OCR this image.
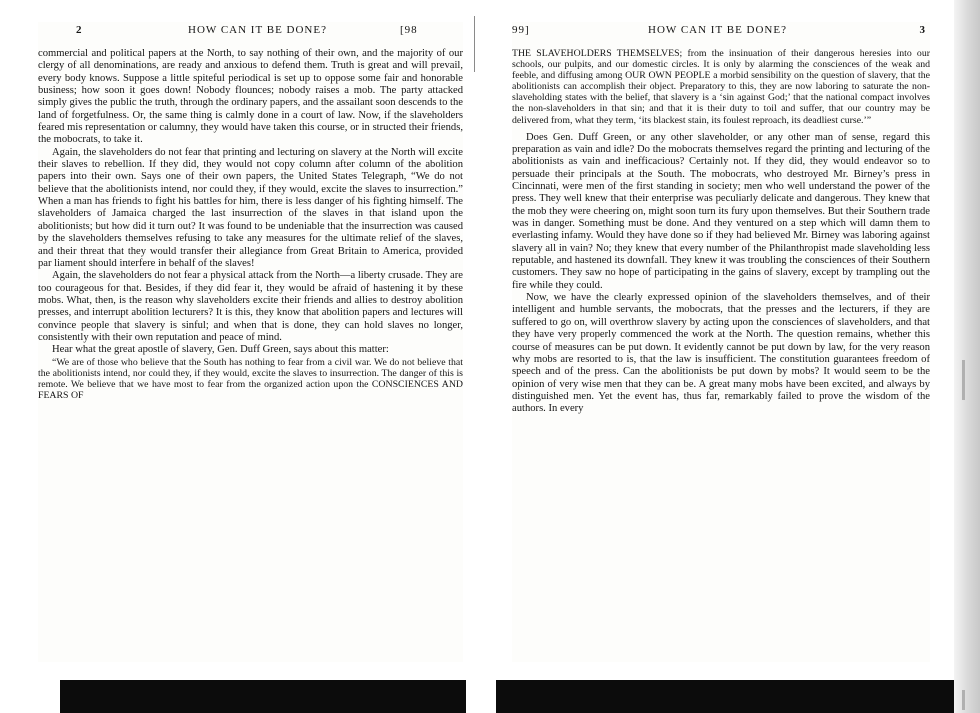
2	HOW CAN IT BE DONE?	[98

commercial and political papers at the North, to say nothing of their own, and the majority of our clergy of all denominations, are ready and anxious to defend them. Truth is great and will prevail, every body knows. Suppose a little spiteful periodical is set up to oppose some fair and honorable business; how soon it goes down! Nobody flounces; nobody raises a mob. The party attacked simply gives the public the truth, through the ordinary papers, and the assailant soon descends to the land of forgetfulness. Or, the same thing is calmly done in a court of law. Now, if the slaveholders feared mis representation or calumny, they would have taken this course, or in structed their friends, the mobocrats, to take it.

Again, the slaveholders do not fear that printing and lecturing on slavery at the North will excite their slaves to rebellion. If they did, they would not copy column after column of the abolition papers into their own. Says one of their own papers, the United States Telegraph, “We do not believe that the abolitionists intend, nor could they, if they would, excite the slaves to insurrection.” When a man has friends to fight his battles for him, there is less danger of his fighting himself. The slaveholders of Jamaica charged the last insurrection of the slaves in that island upon the abolitionists; but how did it turn out? It was found to be undeniable that the insurrection was caused by the slaveholders themselves refusing to take any measures for the ultimate relief of the slaves, and their threat that they would transfer their allegiance from Great Britain to America, provided par liament should interfere in behalf of the slaves!

Again, the slaveholders do not fear a physical attack from the North—a liberty crusade. They are too courageous for that. Besides, if they did fear it, they would be afraid of hastening it by these mobs. What, then, is the reason why slaveholders excite their friends and allies to destroy abolition presses, and interrupt abolition lecturers? It is this, they know that abolition papers and lectures will convince people that slavery is sinful; and when that is done, they can hold slaves no longer, consistently with their own reputation and peace of mind.

Hear what the great apostle of slavery, Gen. Duff Green, says about this matter:

“We are of those who believe that the South has nothing to fear from a civil war. We do not believe that the abolitionists intend, nor could they, if they would, excite the slaves to insurrection. The danger of this is remote. We believe that we have most to fear from the organized action upon the CONSCIENCES AND FEARS OF

99]	HOW CAN IT BE DONE?	3

THE SLAVEHOLDERS THEMSELVES; from the insinuation of their dangerous heresies into our schools, our pulpits, and our domestic circles. It is only by alarming the consciences of the weak and feeble, and diffusing among OUR OWN PEOPLE a morbid sensibility on the question of slavery, that the abolitionists can accomplish their object. Preparatory to this, they are now laboring to saturate the non-slaveholding states with the belief, that slavery is a ‘sin against God;’ that the national compact involves the non-slaveholders in that sin; and that it is their duty to toil and suffer, that our country may be delivered from, what they term, ‘its blackest stain, its foulest reproach, its deadliest curse.’”

Does Gen. Duff Green, or any other slaveholder, or any other man of sense, regard this preparation as vain and idle? Do the mobocrats themselves regard the printing and lecturing of the abolitionists as vain and inefficacious? Certainly not. If they did, they would endeavor so to persuade their principals at the South. The mobocrats, who destroyed Mr. Birney’s press in Cincinnati, were men of the first standing in society; men who well understand the power of the press. They well knew that their enterprise was peculiarly delicate and dangerous. They knew that the mob they were cheering on, might soon turn its fury upon themselves. But their Southern trade was in danger. Something must be done. And they ventured on a step which will damn them to everlasting infamy. Would they have done so if they had believed Mr. Birney was laboring against slavery all in vain? No; they knew that every number of the Philanthropist made slaveholding less reputable, and hastened its downfall. They knew it was troubling the consciences of their Southern customers. They saw no hope of participating in the gains of slavery, except by trampling out the fire while they could.

Now, we have the clearly expressed opinion of the slaveholders themselves, and of their intelligent and humble servants, the mobocrats, that the presses and the lecturers, if they are suffered to go on, will overthrow slavery by acting upon the consciences of slaveholders, and that they have very properly commenced the work at the North. The question remains, whether this course of measures can be put down. It evidently cannot be put down by law, for the very reason why mobs are resorted to is, that the law is insufficient. The constitution guarantees freedom of speech and of the press. Can the abolitionists be put down by mobs? It would seem to be the opinion of very wise men that they can be. A great many mobs have been excited, and always by distinguished men. Yet the event has, thus far, remarkably failed to prove the wisdom of the authors. In every
